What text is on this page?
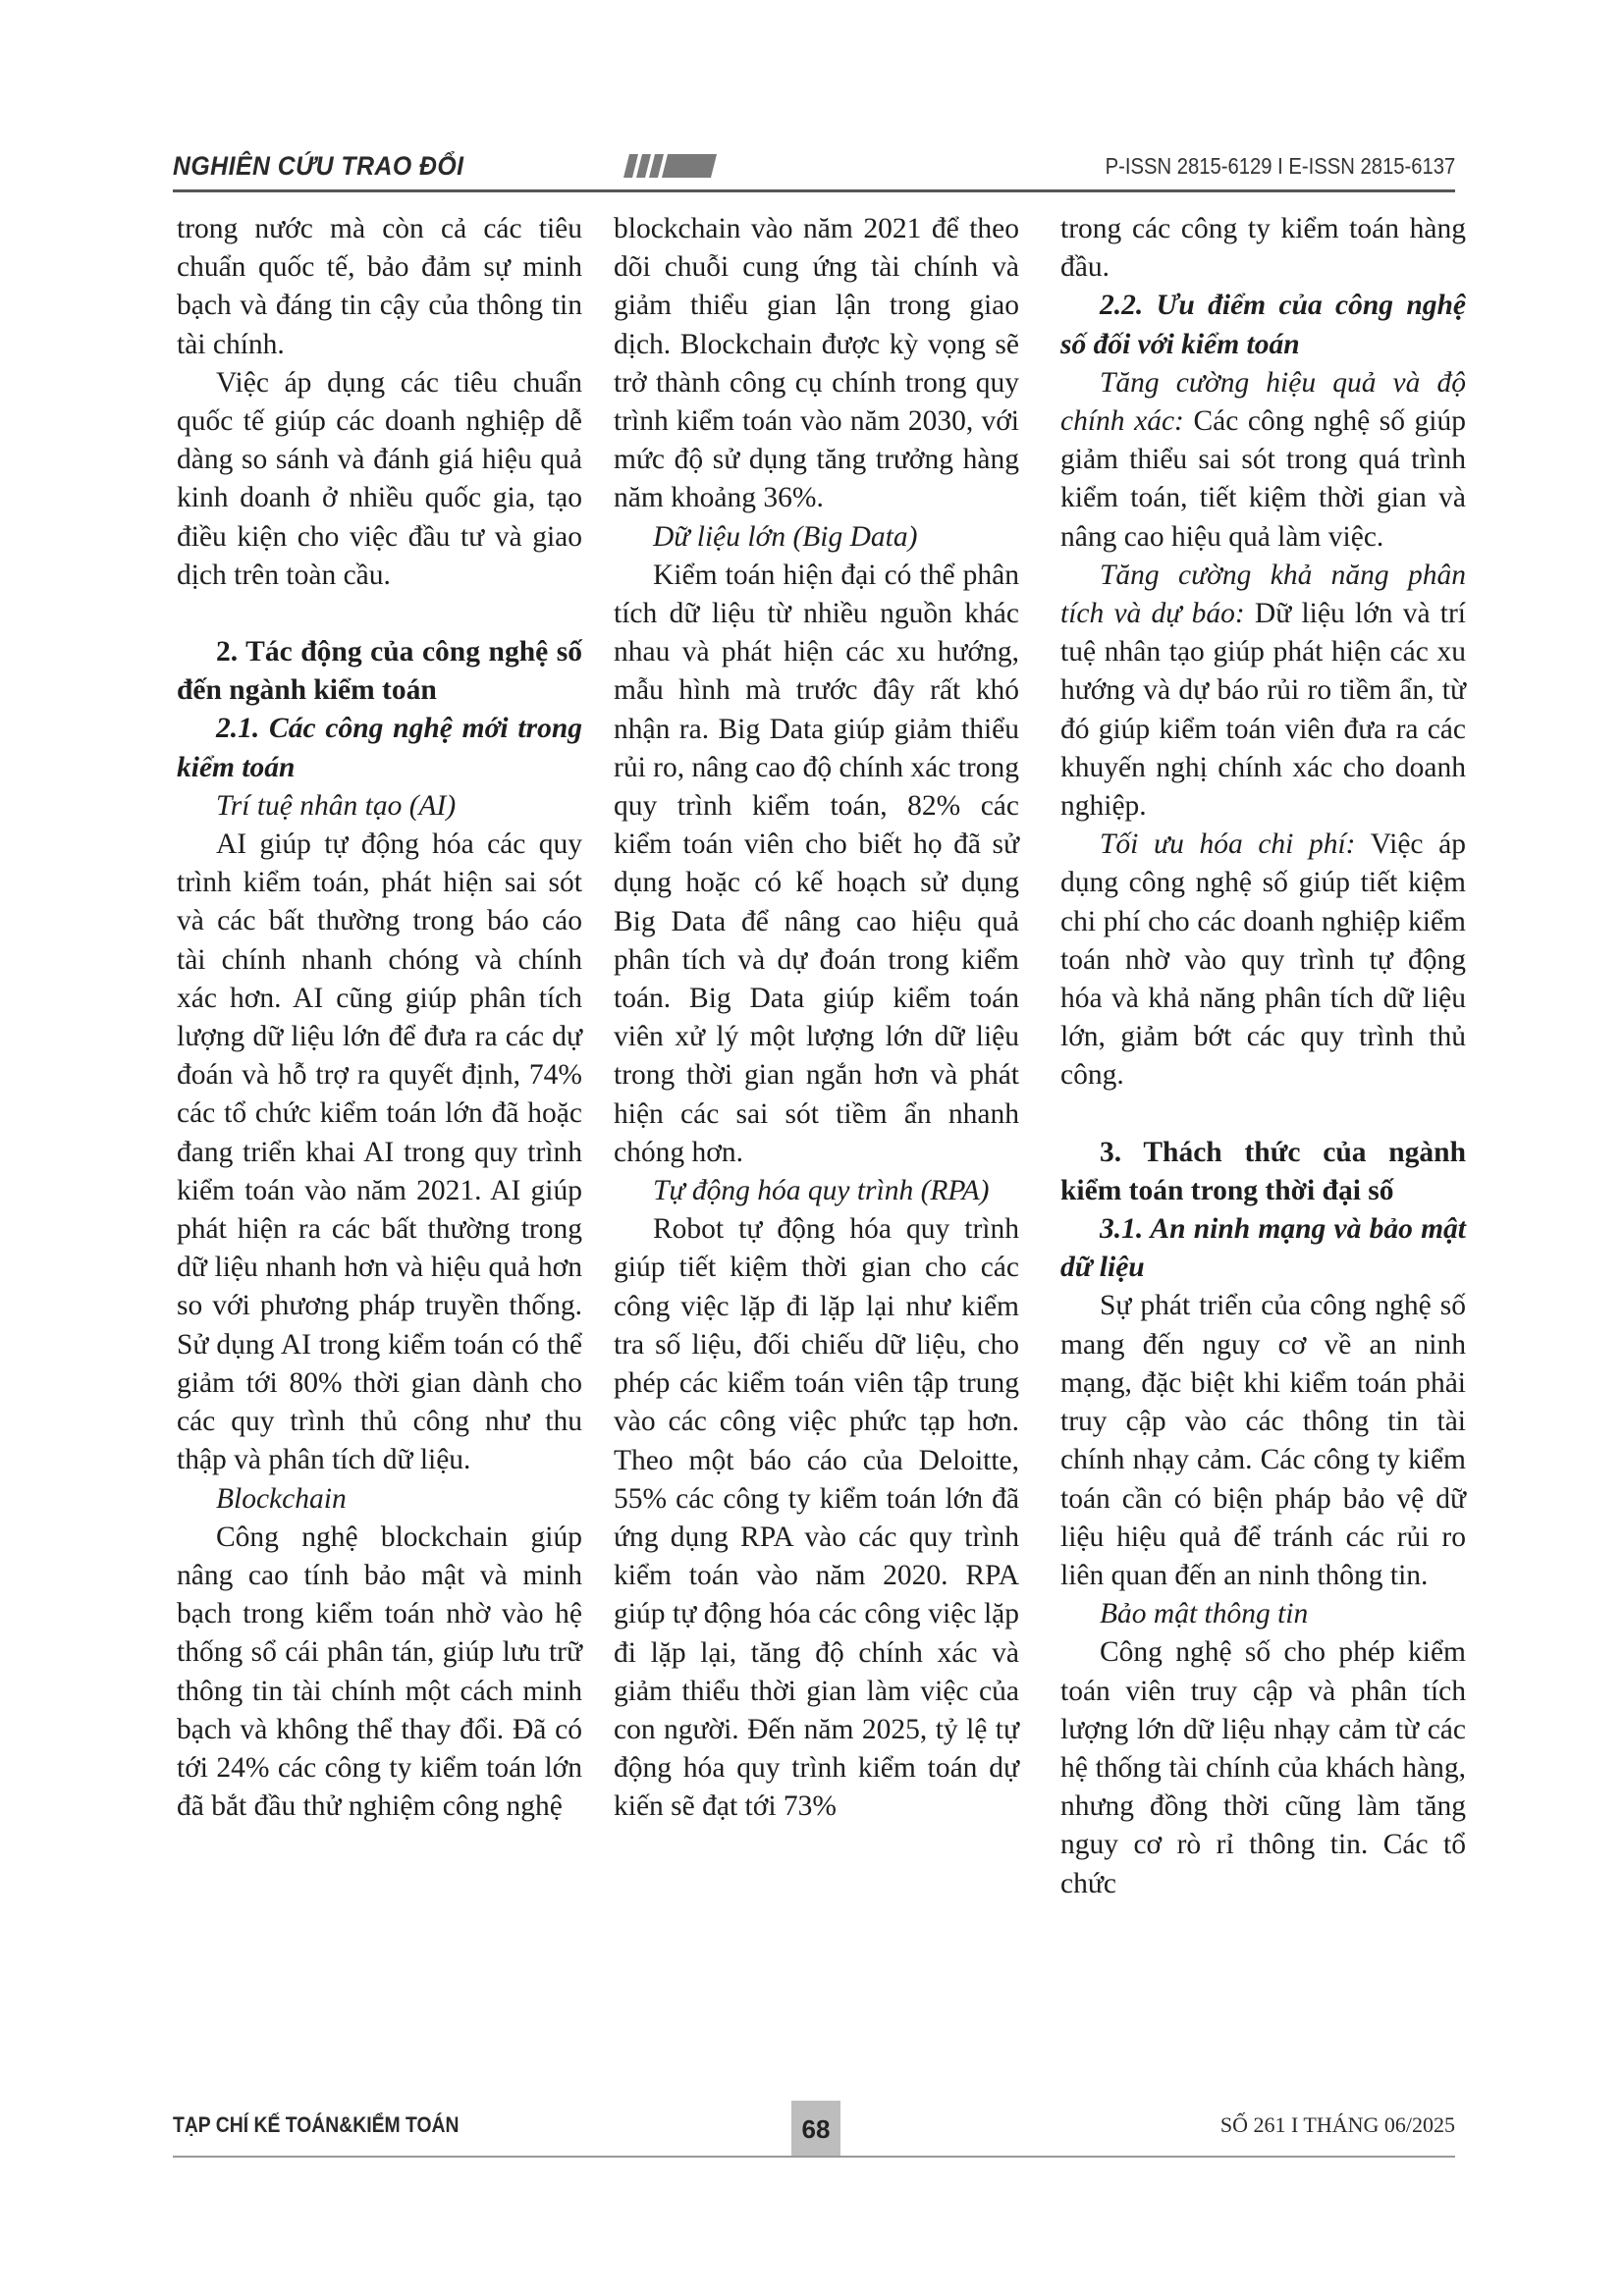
NGHIÊN CỨU TRAO ĐỔI	P-ISSN 2815-6129 I E-ISSN 2815-6137

trong nước mà còn cả các tiêu chuẩn quốc tế, bảo đảm sự minh bạch và đáng tin cậy của thông tin tài chính.

Việc áp dụng các tiêu chuẩn quốc tế giúp các doanh nghiệp dễ dàng so sánh và đánh giá hiệu quả kinh doanh ở nhiều quốc gia, tạo điều kiện cho việc đầu tư và giao dịch trên toàn cầu.

2. Tác động của công nghệ số đến ngành kiểm toán

2.1. Các công nghệ mới trong kiểm toán

Trí tuệ nhân tạo (AI)

AI giúp tự động hóa các quy trình kiểm toán, phát hiện sai sót và các bất thường trong báo cáo tài chính nhanh chóng và chính xác hơn. AI cũng giúp phân tích lượng dữ liệu lớn để đưa ra các dự đoán và hỗ trợ ra quyết định, 74% các tổ chức kiểm toán lớn đã hoặc đang triển khai AI trong quy trình kiểm toán vào năm 2021. AI giúp phát hiện ra các bất thường trong dữ liệu nhanh hơn và hiệu quả hơn so với phương pháp truyền thống. Sử dụng AI trong kiểm toán có thể giảm tới 80% thời gian dành cho các quy trình thủ công như thu thập và phân tích dữ liệu.

Blockchain

Công nghệ blockchain giúp nâng cao tính bảo mật và minh bạch trong kiểm toán nhờ vào hệ thống sổ cái phân tán, giúp lưu trữ thông tin tài chính một cách minh bạch và không thể thay đổi. Đã có tới 24% các công ty kiểm toán lớn đã bắt đầu thử nghiệm công nghệ

blockchain vào năm 2021 để theo dõi chuỗi cung ứng tài chính và giảm thiểu gian lận trong giao dịch. Blockchain được kỳ vọng sẽ trở thành công cụ chính trong quy trình kiểm toán vào năm 2030, với mức độ sử dụng tăng trưởng hàng năm khoảng 36%.

Dữ liệu lớn (Big Data)

Kiểm toán hiện đại có thể phân tích dữ liệu từ nhiều nguồn khác nhau và phát hiện các xu hướng, mẫu hình mà trước đây rất khó nhận ra. Big Data giúp giảm thiểu rủi ro, nâng cao độ chính xác trong quy trình kiểm toán, 82% các kiểm toán viên cho biết họ đã sử dụng hoặc có kế hoạch sử dụng Big Data để nâng cao hiệu quả phân tích và dự đoán trong kiểm toán. Big Data giúp kiểm toán viên xử lý một lượng lớn dữ liệu trong thời gian ngắn hơn và phát hiện các sai sót tiềm ẩn nhanh chóng hơn.

Tự động hóa quy trình (RPA)

Robot tự động hóa quy trình giúp tiết kiệm thời gian cho các công việc lặp đi lặp lại như kiểm tra số liệu, đối chiếu dữ liệu, cho phép các kiểm toán viên tập trung vào các công việc phức tạp hơn. Theo một báo cáo của Deloitte, 55% các công ty kiểm toán lớn đã ứng dụng RPA vào các quy trình kiểm toán vào năm 2020. RPA giúp tự động hóa các công việc lặp đi lặp lại, tăng độ chính xác và giảm thiểu thời gian làm việc của con người. Đến năm 2025, tỷ lệ tự động hóa quy trình kiểm toán dự kiến sẽ đạt tới 73%

trong các công ty kiểm toán hàng đầu.

2.2. Ưu điểm của công nghệ số đối với kiểm toán

Tăng cường hiệu quả và độ chính xác: Các công nghệ số giúp giảm thiểu sai sót trong quá trình kiểm toán, tiết kiệm thời gian và nâng cao hiệu quả làm việc.

Tăng cường khả năng phân tích và dự báo: Dữ liệu lớn và trí tuệ nhân tạo giúp phát hiện các xu hướng và dự báo rủi ro tiềm ẩn, từ đó giúp kiểm toán viên đưa ra các khuyến nghị chính xác cho doanh nghiệp.

Tối ưu hóa chi phí: Việc áp dụng công nghệ số giúp tiết kiệm chi phí cho các doanh nghiệp kiểm toán nhờ vào quy trình tự động hóa và khả năng phân tích dữ liệu lớn, giảm bớt các quy trình thủ công.

3. Thách thức của ngành kiểm toán trong thời đại số

3.1. An ninh mạng và bảo mật dữ liệu

Sự phát triển của công nghệ số mang đến nguy cơ về an ninh mạng, đặc biệt khi kiểm toán phải truy cập vào các thông tin tài chính nhạy cảm. Các công ty kiểm toán cần có biện pháp bảo vệ dữ liệu hiệu quả để tránh các rủi ro liên quan đến an ninh thông tin.

Bảo mật thông tin

Công nghệ số cho phép kiểm toán viên truy cập và phân tích lượng lớn dữ liệu nhạy cảm từ các hệ thống tài chính của khách hàng, nhưng đồng thời cũng làm tăng nguy cơ rò rỉ thông tin. Các tổ chức

TẠP CHÍ KẾ TOÁN&KIỂM TOÁN	68	SỐ 261 I THÁNG 06/2025
